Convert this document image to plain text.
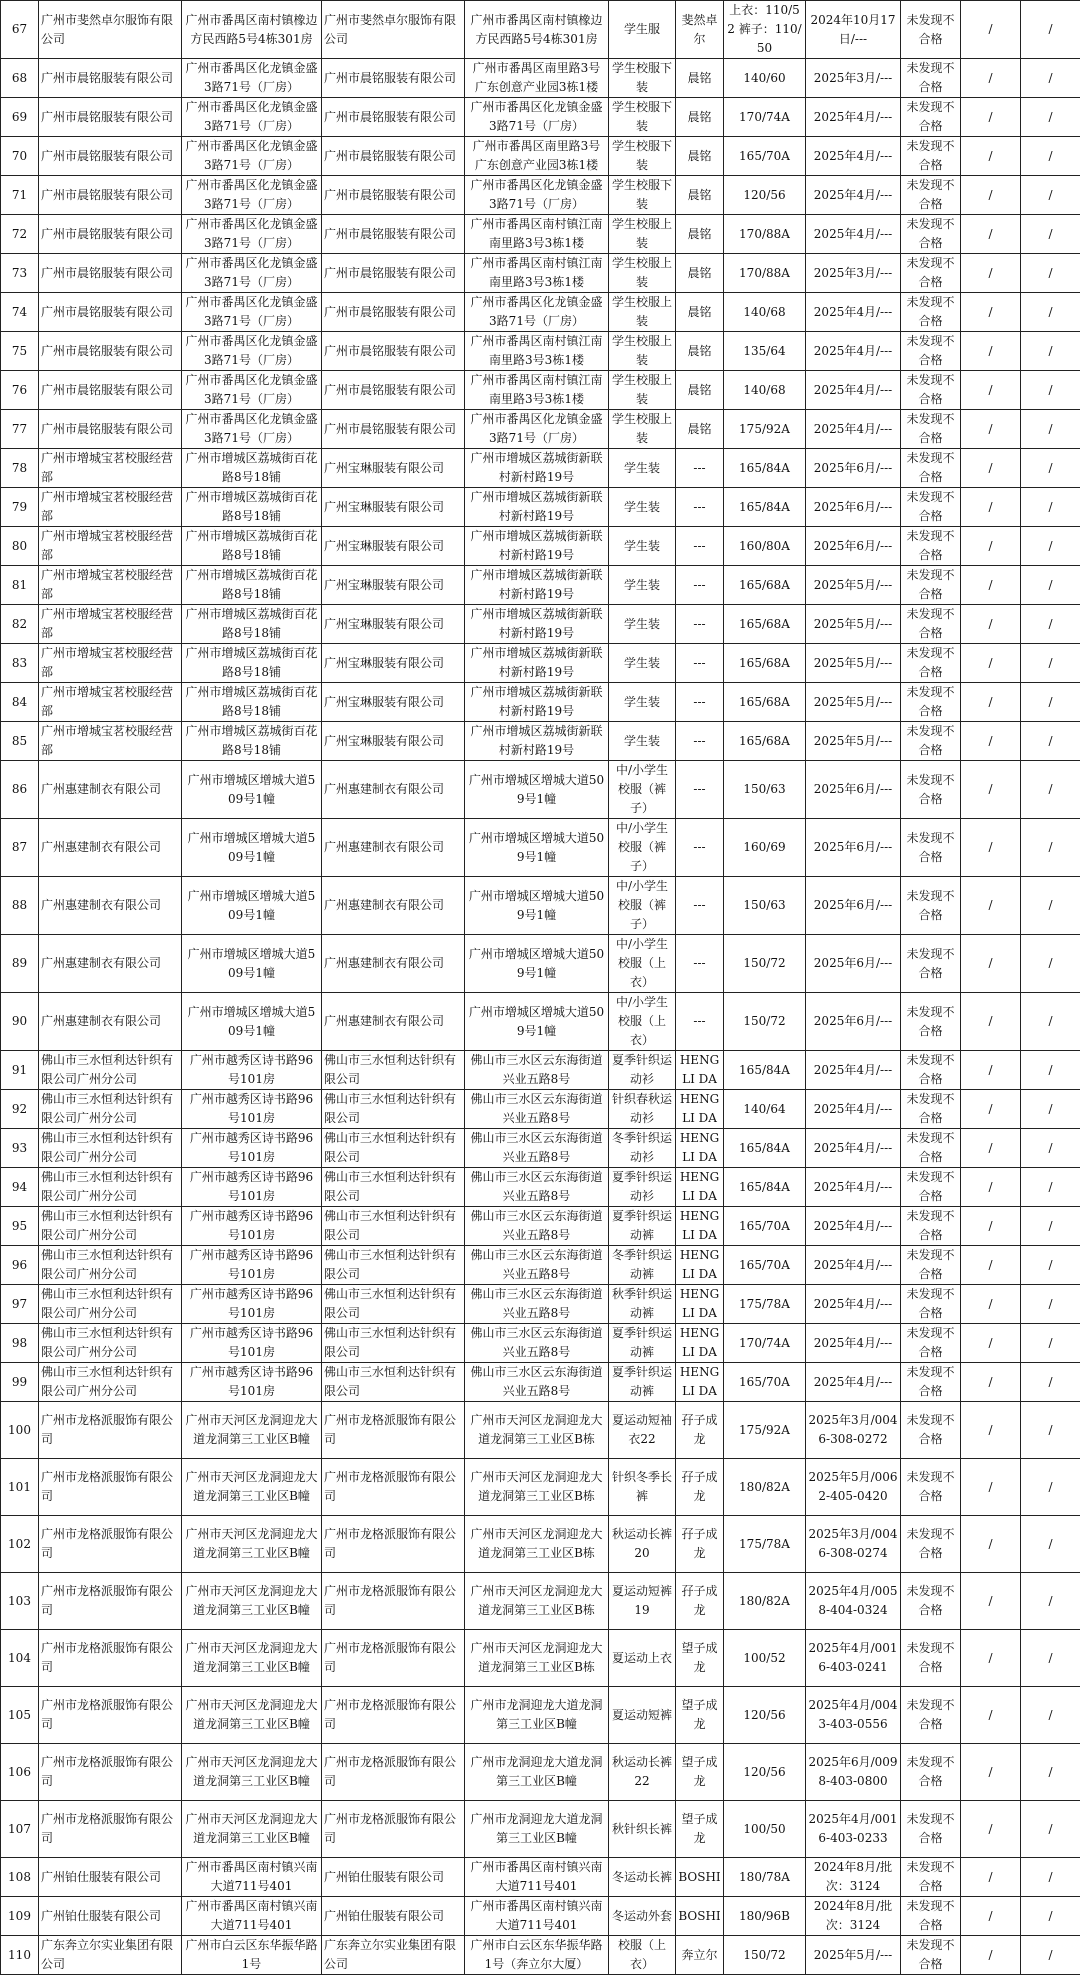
67	广州市斐然卓尔服饰有限公司	广州市番禺区南村镇橡边方民西路5号4栋301房	广州市斐然卓尔服饰有限公司	广州市番禺区南村镇橡边方民西路5号4栋301房	学生服	斐然卓尔	上衣：110/52 裤子：110/50	2024年10月17日/---	未发现不合格	/	/
68	广州市晨铭服装有限公司	广州市番禺区化龙镇金盛3路71号（厂房）	广州市晨铭服装有限公司	广州市番禺区南里路3号广东创意产业园3栋1楼	学生校服下装	晨铭	140/60	2025年3月/---	未发现不合格	/	/
69	广州市晨铭服装有限公司	广州市番禺区化龙镇金盛3路71号（厂房）	广州市晨铭服装有限公司	广州市番禺区化龙镇金盛3路71号（厂房）	学生校服下装	晨铭	170/74A	2025年4月/---	未发现不合格	/	/
70	广州市晨铭服装有限公司	广州市番禺区化龙镇金盛3路71号（厂房）	广州市晨铭服装有限公司	广州市番禺区南里路3号广东创意产业园3栋1楼	学生校服下装	晨铭	165/70A	2025年4月/---	未发现不合格	/	/
71	广州市晨铭服装有限公司	广州市番禺区化龙镇金盛3路71号（厂房）	广州市晨铭服装有限公司	广州市番禺区化龙镇金盛3路71号（厂房）	学生校服下装	晨铭	120/56	2025年4月/---	未发现不合格	/	/
72	广州市晨铭服装有限公司	广州市番禺区化龙镇金盛3路71号（厂房）	广州市晨铭服装有限公司	广州市番禺区南村镇江南南里路3号3栋1楼	学生校服上装	晨铭	170/88A	2025年4月/---	未发现不合格	/	/
73	广州市晨铭服装有限公司	广州市番禺区化龙镇金盛3路71号（厂房）	广州市晨铭服装有限公司	广州市番禺区南村镇江南南里路3号3栋1楼	学生校服上装	晨铭	170/88A	2025年3月/---	未发现不合格	/	/
74	广州市晨铭服装有限公司	广州市番禺区化龙镇金盛3路71号（厂房）	广州市晨铭服装有限公司	广州市番禺区化龙镇金盛3路71号（厂房）	学生校服上装	晨铭	140/68	2025年4月/---	未发现不合格	/	/
75	广州市晨铭服装有限公司	广州市番禺区化龙镇金盛3路71号（厂房）	广州市晨铭服装有限公司	广州市番禺区南村镇江南南里路3号3栋1楼	学生校服上装	晨铭	135/64	2025年4月/---	未发现不合格	/	/
76	广州市晨铭服装有限公司	广州市番禺区化龙镇金盛3路71号（厂房）	广州市晨铭服装有限公司	广州市番禺区南村镇江南南里路3号3栋1楼	学生校服上装	晨铭	140/68	2025年4月/---	未发现不合格	/	/
77	广州市晨铭服装有限公司	广州市番禺区化龙镇金盛3路71号（厂房）	广州市晨铭服装有限公司	广州市番禺区化龙镇金盛3路71号（厂房）	学生校服上装	晨铭	175/92A	2025年4月/---	未发现不合格	/	/
78	广州市增城宝茗校服经营部	广州市增城区荔城街百花路8号18铺	广州宝琳服装有限公司	广州市增城区荔城街新联村新村路19号	学生装	---	165/84A	2025年6月/---	未发现不合格	/	/
79	广州市增城宝茗校服经营部	广州市增城区荔城街百花路8号18铺	广州宝琳服装有限公司	广州市增城区荔城街新联村新村路19号	学生装	---	165/84A	2025年6月/---	未发现不合格	/	/
80	广州市增城宝茗校服经营部	广州市增城区荔城街百花路8号18铺	广州宝琳服装有限公司	广州市增城区荔城街新联村新村路19号	学生装	---	160/80A	2025年6月/---	未发现不合格	/	/
81	广州市增城宝茗校服经营部	广州市增城区荔城街百花路8号18铺	广州宝琳服装有限公司	广州市增城区荔城街新联村新村路19号	学生装	---	165/68A	2025年5月/---	未发现不合格	/	/
82	广州市增城宝茗校服经营部	广州市增城区荔城街百花路8号18铺	广州宝琳服装有限公司	广州市增城区荔城街新联村新村路19号	学生装	---	165/68A	2025年5月/---	未发现不合格	/	/
83	广州市增城宝茗校服经营部	广州市增城区荔城街百花路8号18铺	广州宝琳服装有限公司	广州市增城区荔城街新联村新村路19号	学生装	---	165/68A	2025年5月/---	未发现不合格	/	/
84	广州市增城宝茗校服经营部	广州市增城区荔城街百花路8号18铺	广州宝琳服装有限公司	广州市增城区荔城街新联村新村路19号	学生装	---	165/68A	2025年5月/---	未发现不合格	/	/
85	广州市增城宝茗校服经营部	广州市增城区荔城街百花路8号18铺	广州宝琳服装有限公司	广州市增城区荔城街新联村新村路19号	学生装	---	165/68A	2025年5月/---	未发现不合格	/	/
86	广州惠建制衣有限公司	广州市增城区增城大道509号1幢	广州惠建制衣有限公司	广州市增城区增城大道509号1幢	中/小学生校服（裤子）	---	150/63	2025年6月/---	未发现不合格	/	/
87	广州惠建制衣有限公司	广州市增城区增城大道509号1幢	广州惠建制衣有限公司	广州市增城区增城大道509号1幢	中/小学生校服（裤子）	---	160/69	2025年6月/---	未发现不合格	/	/
88	广州惠建制衣有限公司	广州市增城区增城大道509号1幢	广州惠建制衣有限公司	广州市增城区增城大道509号1幢	中/小学生校服（裤子）	---	150/63	2025年6月/---	未发现不合格	/	/
89	广州惠建制衣有限公司	广州市增城区增城大道509号1幢	广州惠建制衣有限公司	广州市增城区增城大道509号1幢	中/小学生校服（上衣）	---	150/72	2025年6月/---	未发现不合格	/	/
90	广州惠建制衣有限公司	广州市增城区增城大道509号1幢	广州惠建制衣有限公司	广州市增城区增城大道509号1幢	中/小学生校服（上衣）	---	150/72	2025年6月/---	未发现不合格	/	/
91	佛山市三水恒利达针织有限公司广州分公司	广州市越秀区诗书路96号101房	佛山市三水恒利达针织有限公司	佛山市三水区云东海街道兴业五路8号	夏季针织运动衫	HENG LI DA	165/84A	2025年4月/---	未发现不合格	/	/
92	佛山市三水恒利达针织有限公司广州分公司	广州市越秀区诗书路96号101房	佛山市三水恒利达针织有限公司	佛山市三水区云东海街道兴业五路8号	针织春秋运动衫	HENG LI DA	140/64	2025年4月/---	未发现不合格	/	/
93	佛山市三水恒利达针织有限公司广州分公司	广州市越秀区诗书路96号101房	佛山市三水恒利达针织有限公司	佛山市三水区云东海街道兴业五路8号	冬季针织运动衫	HENG LI DA	165/84A	2025年4月/---	未发现不合格	/	/
94	佛山市三水恒利达针织有限公司广州分公司	广州市越秀区诗书路96号101房	佛山市三水恒利达针织有限公司	佛山市三水区云东海街道兴业五路8号	夏季针织运动衫	HENG LI DA	165/84A	2025年4月/---	未发现不合格	/	/
95	佛山市三水恒利达针织有限公司广州分公司	广州市越秀区诗书路96号101房	佛山市三水恒利达针织有限公司	佛山市三水区云东海街道兴业五路8号	夏季针织运动裤	HENG LI DA	165/70A	2025年4月/---	未发现不合格	/	/
96	佛山市三水恒利达针织有限公司广州分公司	广州市越秀区诗书路96号101房	佛山市三水恒利达针织有限公司	佛山市三水区云东海街道兴业五路8号	冬季针织运动裤	HENG LI DA	165/70A	2025年4月/---	未发现不合格	/	/
97	佛山市三水恒利达针织有限公司广州分公司	广州市越秀区诗书路96号101房	佛山市三水恒利达针织有限公司	佛山市三水区云东海街道兴业五路8号	秋季针织运动裤	HENG LI DA	175/78A	2025年4月/---	未发现不合格	/	/
98	佛山市三水恒利达针织有限公司广州分公司	广州市越秀区诗书路96号101房	佛山市三水恒利达针织有限公司	佛山市三水区云东海街道兴业五路8号	夏季针织运动裤	HENG LI DA	170/74A	2025年4月/---	未发现不合格	/	/
99	佛山市三水恒利达针织有限公司广州分公司	广州市越秀区诗书路96号101房	佛山市三水恒利达针织有限公司	佛山市三水区云东海街道兴业五路8号	夏季针织运动裤	HENG LI DA	165/70A	2025年4月/---	未发现不合格	/	/
100	广州市龙格派服饰有限公司	广州市天河区龙洞迎龙大道龙洞第三工业区B幢	广州市龙格派服饰有限公司	广州市天河区龙洞迎龙大道龙洞第三工业区B栋	夏运动短袖衣22	孖子成龙	175/92A	2025年3月/0046-308-0272	未发现不合格	/	/
101	广州市龙格派服饰有限公司	广州市天河区龙洞迎龙大道龙洞第三工业区B幢	广州市龙格派服饰有限公司	广州市天河区龙洞迎龙大道龙洞第三工业区B栋	针织冬季长裤	孖子成龙	180/82A	2025年5月/0062-405-0420	未发现不合格	/	/
102	广州市龙格派服饰有限公司	广州市天河区龙洞迎龙大道龙洞第三工业区B幢	广州市龙格派服饰有限公司	广州市天河区龙洞迎龙大道龙洞第三工业区B栋	秋运动长裤20	孖子成龙	175/78A	2025年3月/0046-308-0274	未发现不合格	/	/
103	广州市龙格派服饰有限公司	广州市天河区龙洞迎龙大道龙洞第三工业区B幢	广州市龙格派服饰有限公司	广州市天河区龙洞迎龙大道龙洞第三工业区B栋	夏运动短裤19	孖子成龙	180/82A	2025年4月/0058-404-0324	未发现不合格	/	/
104	广州市龙格派服饰有限公司	广州市天河区龙洞迎龙大道龙洞第三工业区B幢	广州市龙格派服饰有限公司	广州市天河区龙洞迎龙大道龙洞第三工业区B栋	夏运动上衣	望子成龙	100/52	2025年4月/0016-403-0241	未发现不合格	/	/
105	广州市龙格派服饰有限公司	广州市天河区龙洞迎龙大道龙洞第三工业区B幢	广州市龙格派服饰有限公司	广州市龙洞迎龙大道龙洞第三工业区B幢	夏运动短裤	望子成龙	120/56	2025年4月/0043-403-0556	未发现不合格	/	/
106	广州市龙格派服饰有限公司	广州市天河区龙洞迎龙大道龙洞第三工业区B幢	广州市龙格派服饰有限公司	广州市龙洞迎龙大道龙洞第三工业区B幢	秋运动长裤22	望子成龙	120/56	2025年6月/0098-403-0800	未发现不合格	/	/
107	广州市龙格派服饰有限公司	广州市天河区龙洞迎龙大道龙洞第三工业区B幢	广州市龙格派服饰有限公司	广州市龙洞迎龙大道龙洞第三工业区B幢	秋针织长裤	望子成龙	100/50	2025年4月/0016-403-0233	未发现不合格	/	/
108	广州铂仕服装有限公司	广州市番禺区南村镇兴南大道711号401	广州铂仕服装有限公司	广州市番禺区南村镇兴南大道711号401	冬运动长裤	BOSHI	180/78A	2024年8月/批次：3124	未发现不合格	/	/
109	广州铂仕服装有限公司	广州市番禺区南村镇兴南大道711号401	广州铂仕服装有限公司	广州市番禺区南村镇兴南大道711号401	冬运动外套	BOSHI	180/96B	2024年8月/批次：3124	未发现不合格	/	/
110	广东奔立尔实业集团有限公司	广州市白云区东华振华路1号	广东奔立尔实业集团有限公司	广州市白云区东华振华路1号（奔立尔大厦）	校服（上衣）	奔立尔	150/72	2025年5月/---	未发现不合格	/	/
